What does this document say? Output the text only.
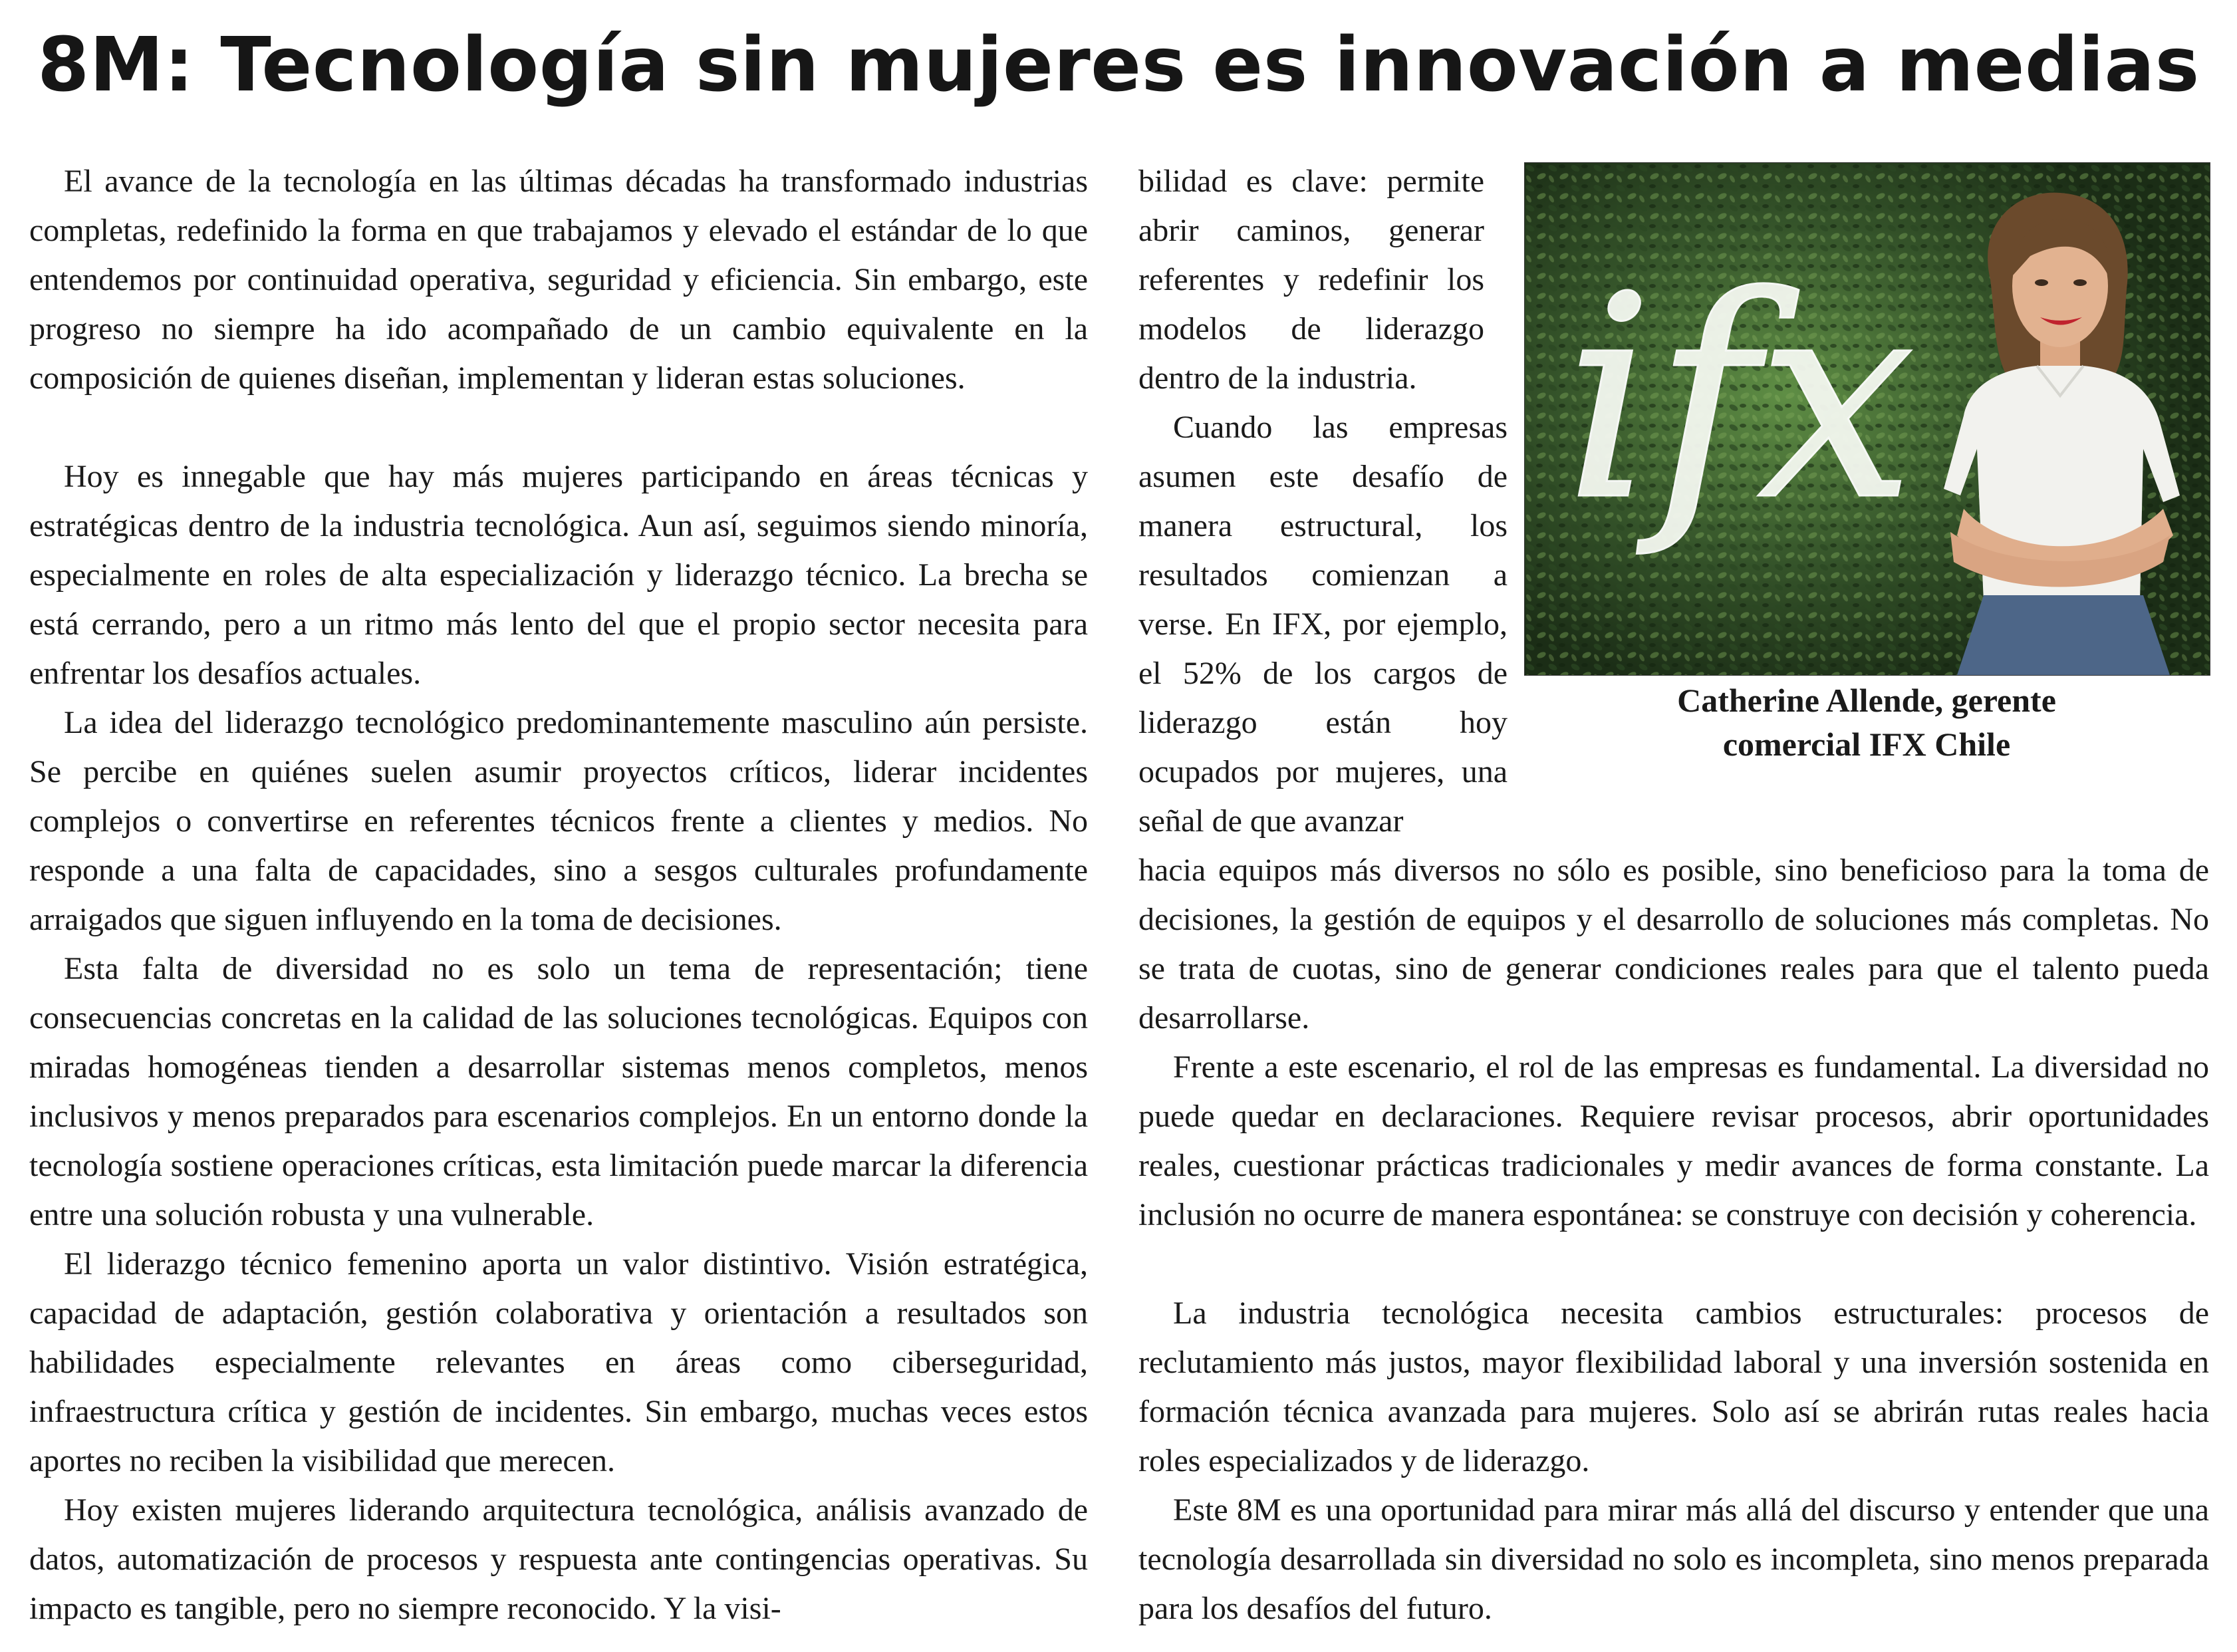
8M: Tecnología sin mujeres es innovación a medias

El avance de la tecnología en las últimas décadas ha transformado industrias completas, redefinido la forma en que trabajamos y elevado el estándar de lo que entendemos por continuidad operativa, seguridad y eficiencia. Sin embargo, este progreso no siempre ha ido acompañado de un cambio equivalente en la composición de quienes diseñan, implementan y lideran estas soluciones.

Hoy es innegable que hay más mujeres participando en áreas técnicas y estratégicas dentro de la industria tecnológica. Aun así, seguimos siendo minoría, especialmente en roles de alta especialización y liderazgo técnico. La brecha se está cerrando, pero a un ritmo más lento del que el propio sector necesita para enfrentar los desafíos actuales.

La idea del liderazgo tecnológico predominantemente masculino aún persiste. Se percibe en quiénes suelen asumir proyectos críticos, liderar incidentes complejos o convertirse en referentes técnicos frente a clientes y medios. No responde a una falta de capacidades, sino a sesgos culturales profundamente arraigados que siguen influyendo en la toma de decisiones.

Esta falta de diversidad no es solo un tema de representación; tiene consecuencias concretas en la calidad de las soluciones tecnológicas. Equipos con miradas homogéneas tienden a desarrollar sistemas menos completos, menos inclusivos y menos preparados para escenarios complejos. En un entorno donde la tecnología sostiene operaciones críticas, esta limitación puede marcar la diferencia entre una solución robusta y una vulnerable.

El liderazgo técnico femenino aporta un valor distintivo. Visión estratégica, capacidad de adaptación, gestión colaborativa y orientación a resultados son habilidades especialmente relevantes en áreas como ciberseguridad, infraestructura crítica y gestión de incidentes. Sin embargo, muchas veces estos aportes no reciben la visibilidad que merecen.

Hoy existen mujeres liderando arquitectura tecnológica, análisis avanzado de datos, automatización de procesos y respuesta ante contingencias operativas. Su impacto es tangible, pero no siempre reconocido. Y la visi-

bilidad es clave: permite abrir caminos, generar referentes y redefinir los modelos de liderazgo dentro de la industria.

Cuando las empresas asumen este desafío de manera estructural, los resultados comienzan a verse. En IFX, por ejemplo, el 52% de los cargos de liderazgo están hoy ocupados por mujeres, una señal de que avanzar

hacia equipos más diversos no sólo es posible, sino beneficioso para la toma de decisiones, la gestión de equipos y el desarrollo de soluciones más completas. No se trata de cuotas, sino de generar condiciones reales para que el talento pueda desarrollarse.

Frente a este escenario, el rol de las empresas es fundamental. La diversidad no puede quedar en declaraciones. Requiere revisar procesos, abrir oportunidades reales, cuestionar prácticas tradicionales y medir avances de forma constante. La inclusión no ocurre de manera espontánea: se construye con decisión y coherencia.

La industria tecnológica necesita cambios estructurales: procesos de reclutamiento más justos, mayor flexibilidad laboral y una inversión sostenida en formación técnica avanzada para mujeres. Solo así se abrirán rutas reales hacia roles especializados y de liderazgo.

Este 8M es una oportunidad para mirar más allá del discurso y entender que una tecnología desarrollada sin diversidad no solo es incompleta, sino menos preparada para los desafíos del futuro.

ifx

Catherine Allende, gerente
comercial IFX Chile
